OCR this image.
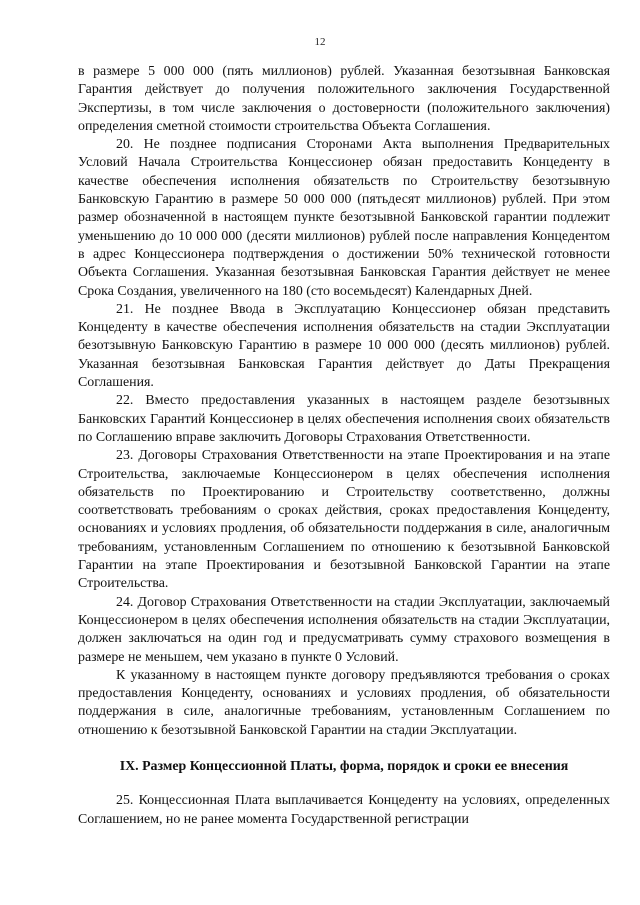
12

в размере 5 000 000 (пять миллионов) рублей. Указанная безотзывная Банковская Гарантия действует до получения положительного заключения Государственной Экспертизы, в том числе заключения о достоверности (положительного заключения) определения сметной стоимости строительства Объекта Соглашения.

20. Не позднее подписания Сторонами Акта выполнения Предварительных Условий Начала Строительства Концессионер обязан предоставить Концеденту в качестве обеспечения исполнения обязательств по Строительству безотзывную Банковскую Гарантию в размере 50 000 000 (пятьдесят миллионов) рублей. При этом размер обозначенной в настоящем пункте безотзывной Банковской гарантии подлежит уменьшению до 10 000 000 (десяти миллионов) рублей после направления Концедентом в адрес Концессионера подтверждения о достижении 50% технической готовности Объекта Соглашения. Указанная безотзывная Банковская Гарантия действует не менее Срока Создания, увеличенного на 180 (сто восемьдесят) Календарных Дней.

21. Не позднее Ввода в Эксплуатацию Концессионер обязан представить Концеденту в качестве обеспечения исполнения обязательств на стадии Эксплуатации безотзывную Банковскую Гарантию в размере 10 000 000 (десять миллионов) рублей. Указанная безотзывная Банковская Гарантия действует до Даты Прекращения Соглашения.

22. Вместо предоставления указанных в настоящем разделе безотзывных Банковских Гарантий Концессионер в целях обеспечения исполнения своих обязательств по Соглашению вправе заключить Договоры Страхования Ответственности.

23. Договоры Страхования Ответственности на этапе Проектирования и на этапе Строительства, заключаемые Концессионером в целях обеспечения исполнения обязательств по Проектированию и Строительству соответственно, должны соответствовать требованиям о сроках действия, сроках предоставления Концеденту, основаниях и условиях продления, об обязательности поддержания в силе, аналогичным требованиям, установленным Соглашением по отношению к безотзывной Банковской Гарантии на этапе Проектирования и безотзывной Банковской Гарантии на этапе Строительства.

24. Договор Страхования Ответственности на стадии Эксплуатации, заключаемый Концессионером в целях обеспечения исполнения обязательств на стадии Эксплуатации, должен заключаться на один год и предусматривать сумму страхового возмещения в размере не меньшем, чем указано в пункте 0 Условий.

К указанному в настоящем пункте договору предъявляются требования о сроках предоставления Концеденту, основаниях и условиях продления, об обязательности поддержания в силе, аналогичные требованиям, установленным Соглашением по отношению к безотзывной Банковской Гарантии на стадии Эксплуатации.

IX. Размер Концессионной Платы, форма, порядок и сроки ее внесения

25. Концессионная Плата выплачивается Концеденту на условиях, определенных Соглашением, но не ранее момента Государственной регистрации
